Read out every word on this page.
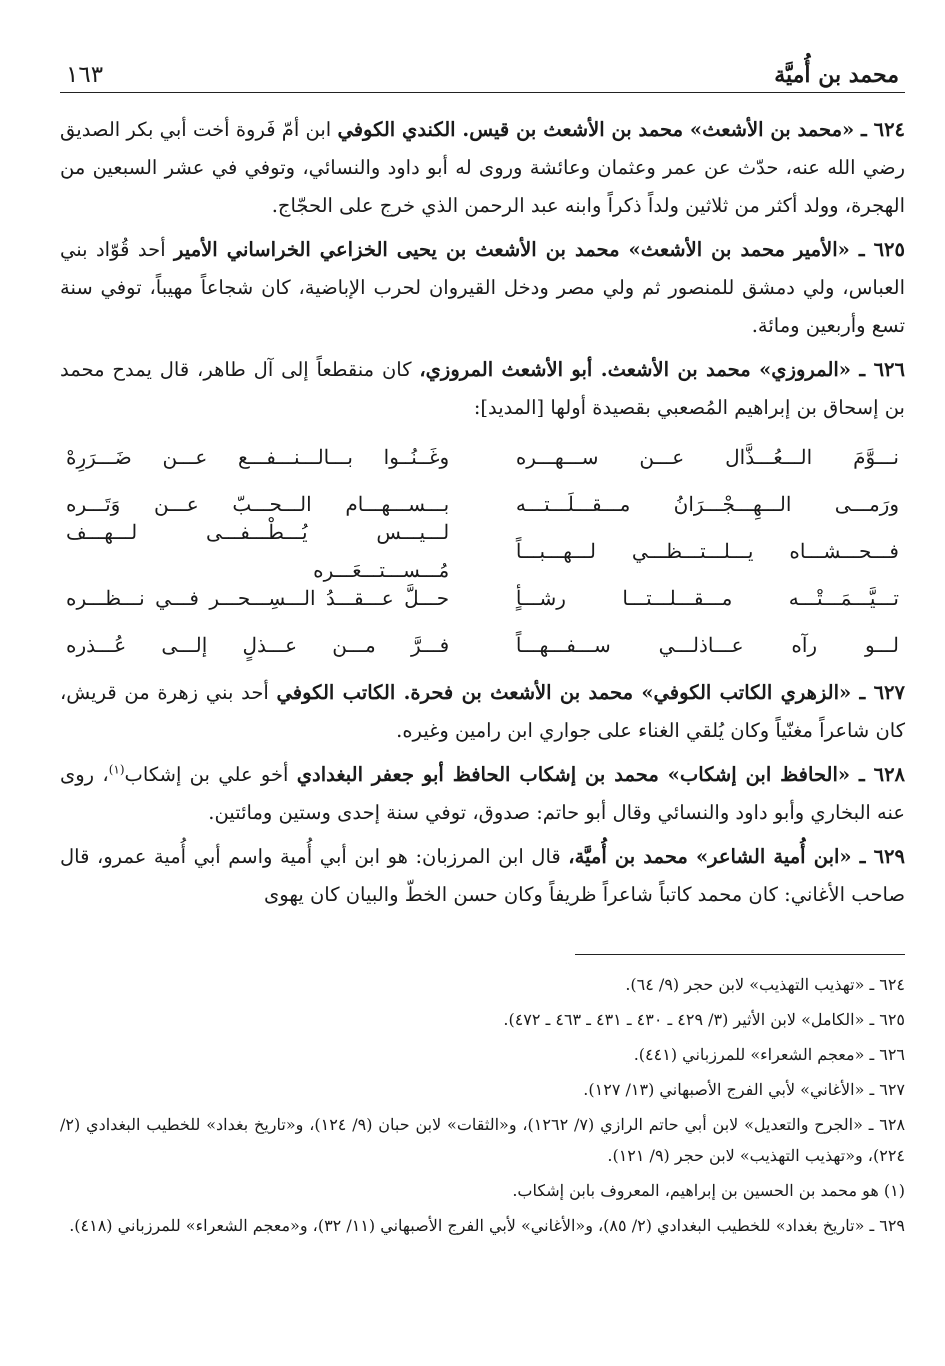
محمد بن أُميَّة
١٦٣

٦٢٤ ـ «محمد بن الأشعث» محمد بن الأشعث بن قيس. الكندي الكوفي ابن أمّ فَروة أخت أبي بكر الصديق رضي الله عنه، حدّث عن عمر وعثمان وعائشة وروى له أبو داود والنسائي، وتوفي في عشر السبعين من الهجرة، وولد أكثر من ثلاثين ولداً ذكراً وابنه عبد الرحمن الذي خرج على الحجّاج.

٦٢٥ ـ «الأمير محمد بن الأشعث» محمد بن الأشعث بن يحيى الخزاعي الخراساني الأمير أحد قُوّاد بني العباس، ولي دمشق للمنصور ثم ولي مصر ودخل القيروان لحرب الإباضية، كان شجاعاً مهيباً، توفي سنة تسع وأربعين ومائة.

٦٢٦ ـ «المروزي» محمد بن الأشعث. أبو الأشعث المروزي، كان منقطعاً إلى آل طاهر، قال يمدح محمد بن إسحاق بن إبراهيم المُصعبي بقصيدة أولها [المديد]:

نـــوَّمَ الـــعُـــذَّال عـــن ســـهـــره
وغَــنُــوا بـــالـــنـــفـــع عـــن ضَـــرَرِهْ
ورَمـــى الـــهِـــجْـــرَانُ مـــقـــلَـــتـــه
بـــســـهـــام الـــحـــبّ عـــن وَتَـــره
فـــحـــشـــاه يـــلـــتـــظـــي لـــهـــبـــاً
لـــيـــس يُـــطْـــفـــى لـــهـــف مُـــســـتـــعَـــره
تـــيَّـــمَـــتْـــه مـــقـــلـــتـــا رشـــأٍ
حـــلَّ عـــقـــدُ الـــسِـــحـــر فـــي نـــظـــره
لـــو رآه عـــاذلـــي ســـفـــهـــاً
فـــرَّ مـــن عـــذلٍ إلـــى عُـــذره

٦٢٧ ـ «الزهري الكاتب الكوفي» محمد بن الأشعث بن فحرة. الكاتب الكوفي أحد بني زهرة من قريش، كان شاعراً مغنّياً وكان يُلقي الغناء على جواري ابن رامين وغيره.

٦٢٨ ـ «الحافظ ابن إشكاب» محمد بن إشكاب الحافظ أبو جعفر البغدادي أخو علي بن إشكاب$^{(١)}$، روى عنه البخاري وأبو داود والنسائي وقال أبو حاتم: صدوق، توفي سنة إحدى وستين ومائتين.

٦٢٩ ـ «ابن أُمية الشاعر» محمد بن أُميَّة، قال ابن المرزبان: هو ابن أبي أُمية واسم أبي أُمية عمرو، قال صاحب الأغاني: كان محمد كاتباً شاعراً ظريفاً وكان حسن الخطّ والبيان كان يهوى

٦٢٤ ـ «تهذيب التهذيب» لابن حجر (٩/ ٦٤).

٦٢٥ ـ «الكامل» لابن الأثير (٣/ ٤٢٩ ـ ٤٣٠ ـ ٤٣١ ـ ٤٦٣ ـ ٤٧٢).

٦٢٦ ـ «معجم الشعراء» للمرزباني (٤٤١).

٦٢٧ ـ «الأغاني» لأبي الفرج الأصبهاني (١٣/ ١٢٧).

٦٢٨ ـ «الجرح والتعديل» لابن أبي حاتم الرازي (٧/ ١٢٦٢)، و«الثقات» لابن حبان (٩/ ١٢٤)، و«تاريخ بغداد» للخطيب البغدادي (٢/ ٢٢٤)، و«تهذيب التهذيب» لابن حجر (٩/ ١٢١).

(١) هو محمد بن الحسين بن إبراهيم، المعروف بابن إشكاب.

٦٢٩ ـ «تاريخ بغداد» للخطيب البغدادي (٢/ ٨٥)، و«الأغاني» لأبي الفرج الأصبهاني (١١/ ٣٢)، و«معجم الشعراء» للمرزباني (٤١٨).
